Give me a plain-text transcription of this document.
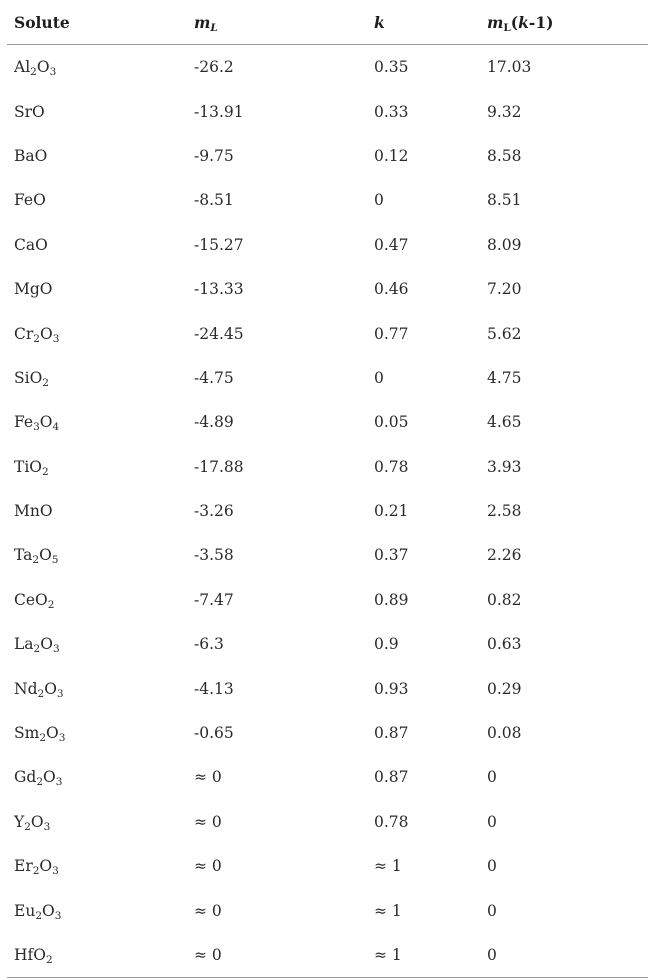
Solute	$m_L$	k	$m_L(k-1)$
$Al_2O_3$	-26.2	0.35	17.03
SrO	-13.91	0.33	9.32
BaO	-9.75	0.12	8.58
FeO	-8.51	0	8.51
CaO	-15.27	0.47	8.09
MgO	-13.33	0.46	7.20
$Cr_2O_3$	-24.45	0.77	5.62
SiO$_2$	-4.75	0	4.75
$Fe_3O_4$	-4.89	0.05	4.65
TiO$_2$	-17.88	0.78	3.93
MnO	-3.26	0.21	2.58
$Ta_2O_5$	-3.58	0.37	2.26
CeO$_2$	-7.47	0.89	0.82
$La_2O_3$	-6.3	0.9	0.63
$Nd_2O_3$	-4.13	0.93	0.29
$Sm_2O_3$	-0.65	0.87	0.08
$Gd_2O_3$	≈ 0	0.87	0
$Y_2O_3$	≈ 0	0.78	0
$Er_2O_3$	≈ 0	≈ 1	0
$Eu_2O_3$	≈ 0	≈ 1	0
HfO$_2$	≈ 0	≈ 1	0
